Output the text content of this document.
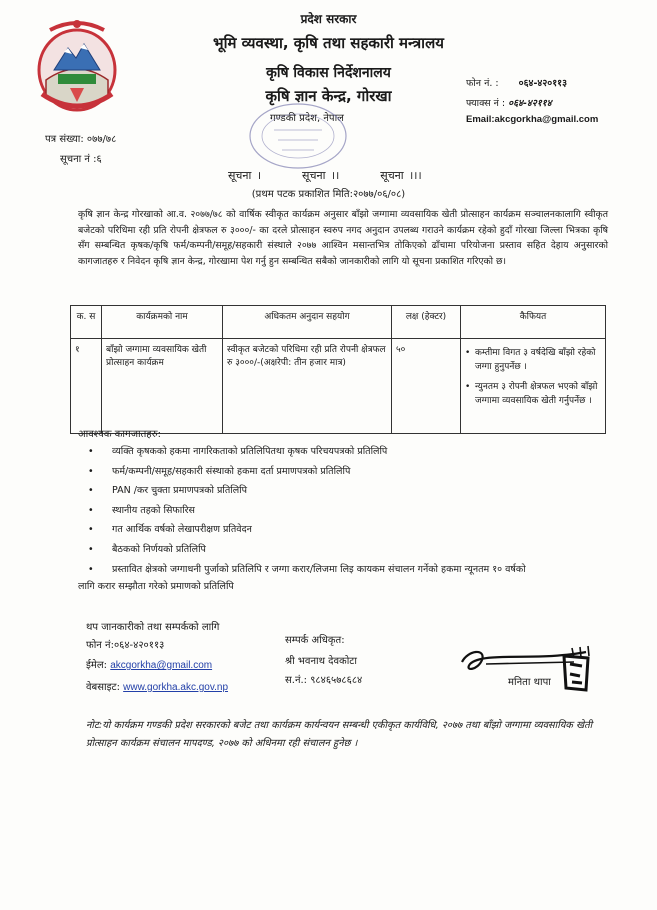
प्रदेश सरकार
भूमि व्यवस्था, कृषि तथा सहकारी मन्त्रालय
कृषि विकास निर्देशनालय
कृषि ज्ञान केन्द्र, गोरखा
गण्डकी प्रदेश, नेपाल
फोन नं. : ०६४-४२०११३
फ्याक्स नं : ०६४-४२११४
Email:akcgorkha@gmail.com
पत्र संख्या: ०७७/७८
सूचना नं :६
सूचना ।	सूचना ।।	सूचना ।।।
(प्रथम पटक प्रकाशित मिति:२०७७/०६/०८)
कृषि ज्ञान केन्द्र गोरखाको आ.व. २०७७/७८ को वार्षिक स्वीकृत कार्यक्रम अनुसार बाँझो जग्गामा व्यवसायिक खेती प्रोत्साहन कार्यक्रम सञ्चालनकालागि स्वीकृत बजेटको परिधिमा रही प्रति रोपनी क्षेत्रफल रु ३०००/- का दरले प्रोत्साहन स्वरुप नगद अनुदान उपलब्ध गराउने कार्यक्रम रहेको हुदाँ गोरखा जिल्ला भित्रका कृषि सँग सम्बन्धित कृषक/कृषि फर्म/कम्पनी/समूह/सहकारी संस्थाले २०७७ आश्विन मसान्तभित्र तोकिएको ढाँचामा परियोजना प्रस्ताव सहित देहाय अनुसारको कागजातहरु र निवेदन कृषि ज्ञान केन्द्र, गोरखामा पेश गर्नु हुन सम्बन्धित सबैको जानकारीको लागि यो सूचना प्रकाशित गरिएको छ।
क. स	कार्यक्रमको नाम	अधिकतम अनुदान सहयोग	लक्ष (हेक्टर)	कैफियत
१	बाँझो जग्गामा व्यवसायिक खेती प्रोत्साहन कार्यक्रम	स्वीकृत बजेटको परिधिमा रही प्रति रोपनी क्षेत्रफल रु ३०००/-(अक्षरेपी: तीन हजार मात्र)	५०	• कम्तीमा विगत ३ वर्षदेखि बाँझो रहेको जग्गा हुनुपर्नेछ ।
• न्युनतम ३ रोपनी क्षेत्रफल भएको बाँझो जग्गामा व्यवसायिक खेती गर्नुपर्नेछ ।
आवश्यक कागजातहरु:
• व्यक्ति कृषकको हकमा नागरिकताको प्रतिलिपितथा कृषक परिचयपत्रको प्रतिलिपि
• फर्म/कम्पनी/समूह/सहकारी संस्थाको हकमा दर्ता प्रमाणपत्रको प्रतिलिपि
• PAN /कर चुक्ता प्रमाणपत्रको प्रतिलिपि
• स्थानीय तहको सिफारिस
• गत आर्थिक वर्षको लेखापरीक्षण प्रतिवेदन
• बैठकको निर्णयको प्रतिलिपि
• प्रस्तावित क्षेत्रको जग्गाधनी पुर्जाको प्रतिलिपि र जग्गा करार/लिजमा लिइ कायकम संचालन गर्नेको हकमा न्यूनतम १० वर्षको
लागि करार सम्झौता गरेको प्रमाणको प्रतिलिपि
थप जानकारीको तथा सम्पर्कको लागि
फोन नं:०६४-४२०११३
ईमेल: akcgorkha@gmail.com
वेबसाइट: www.gorkha.akc.gov.np
सम्पर्क अधिकृत:
श्री भवनाथ देवकोटा
स.नं.: ९८४६५७८६८४	मनिता थापा
नोट:यो कार्यक्रम गण्डकी प्रदेश सरकारको बजेट तथा कार्यक्रम कार्यन्वयन सम्बन्धी एकीकृत कार्यविधि, २०७७ तथा बाँझो जग्गामा व्यवसायिक खेती प्रोत्साहन कार्यक्रम संचालन मापदण्ड, २०७७ को अधिनमा रही संचालन हुनेछ ।
